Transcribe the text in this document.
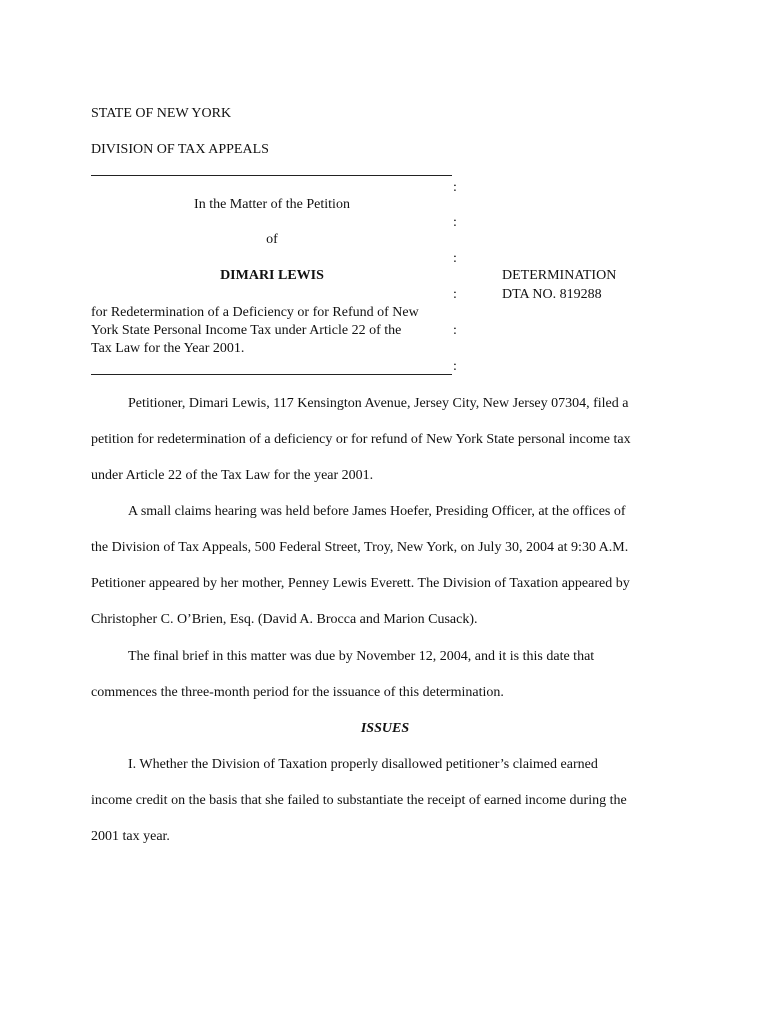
STATE OF NEW YORK
DIVISION OF TAX APPEALS
:
In the Matter of the Petition
:
of
:
DIMARI LEWIS
:
DETERMINATION
DTA NO. 819288
for Redetermination of a Deficiency or for Refund of New
York State Personal Income Tax under Article 22 of the	:
Tax Law for the Year 2001.
:
Petitioner, Dimari Lewis, 117 Kensington Avenue, Jersey City, New Jersey 07304, filed a
petition for redetermination of a deficiency or for refund of New York State personal income tax
under Article 22 of the Tax Law for the year 2001.
A small claims hearing was held before James Hoefer, Presiding Officer, at the offices of
the Division of Tax Appeals, 500 Federal Street, Troy, New York, on July 30, 2004 at 9:30 A.M.
Petitioner appeared by her mother, Penney Lewis Everett. The Division of Taxation appeared by
Christopher C. O’Brien, Esq. (David A. Brocca and Marion Cusack).
The final brief in this matter was due by November 12, 2004, and it is this date that
commences the three-month period for the issuance of this determination.
ISSUES
I. Whether the Division of Taxation properly disallowed petitioner’s claimed earned
income credit on the basis that she failed to substantiate the receipt of earned income during the
2001 tax year.
